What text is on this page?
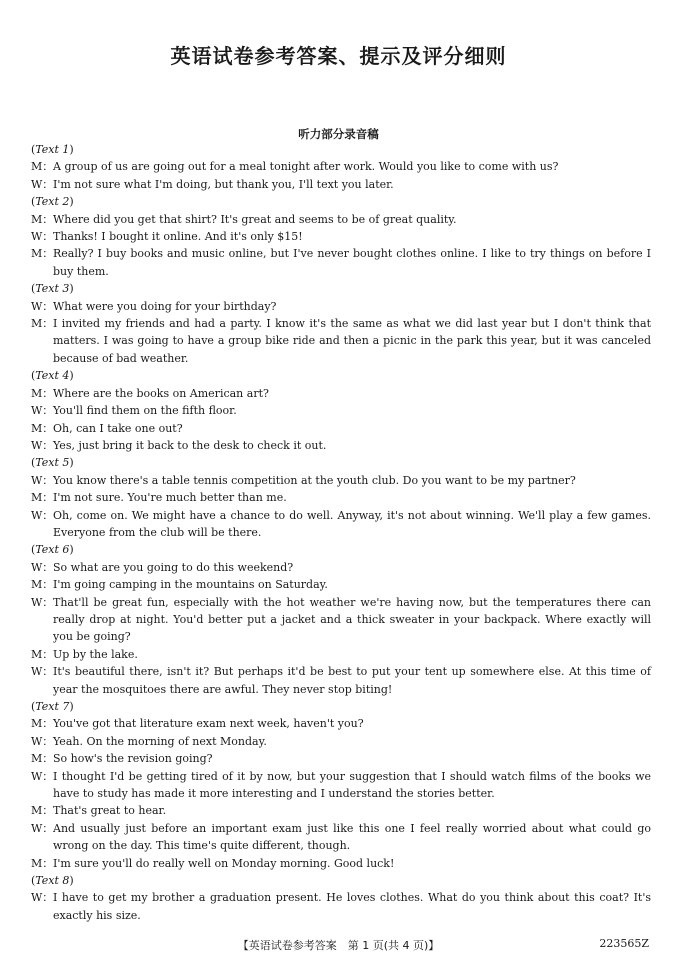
英语试卷参考答案、提示及评分细则
听力部分录音稿
(Text 1)
M： A group of us are going out for a meal tonight after work. Would you like to come with us?
W： I'm not sure what I'm doing, but thank you, I'll text you later.
(Text 2)
M： Where did you get that shirt? It's great and seems to be of great quality.
W： Thanks! I bought it online. And it's only $15!
M： Really? I buy books and music online, but I've never bought clothes online. I like to try things on before I buy them.
(Text 3)
W： What were you doing for your birthday?
M： I invited my friends and had a party. I know it's the same as what we did last year but I don't think that matters. I was going to have a group bike ride and then a picnic in the park this year, but it was canceled because of bad weather.
(Text 4)
M： Where are the books on American art?
W： You'll find them on the fifth floor.
M： Oh, can I take one out?
W： Yes, just bring it back to the desk to check it out.
(Text 5)
W： You know there's a table tennis competition at the youth club. Do you want to be my partner?
M： I'm not sure. You're much better than me.
W： Oh, come on. We might have a chance to do well. Anyway, it's not about winning. We'll play a few games. Everyone from the club will be there.
(Text 6)
W： So what are you going to do this weekend?
M： I'm going camping in the mountains on Saturday.
W： That'll be great fun, especially with the hot weather we're having now, but the temperatures there can really drop at night. You'd better put a jacket and a thick sweater in your backpack. Where exactly will you be going?
M： Up by the lake.
W： It's beautiful there, isn't it? But perhaps it'd be best to put your tent up somewhere else. At this time of year the mosquitoes there are awful. They never stop biting!
(Text 7)
M： You've got that literature exam next week, haven't you?
W： Yeah. On the morning of next Monday.
M： So how's the revision going?
W： I thought I'd be getting tired of it by now, but your suggestion that I should watch films of the books we have to study has made it more interesting and I understand the stories better.
M： That's great to hear.
W： And usually just before an important exam just like this one I feel really worried about what could go wrong on the day. This time's quite different, though.
M： I'm sure you'll do really well on Monday morning. Good luck!
(Text 8)
W： I have to get my brother a graduation present. He loves clothes. What do you think about this coat? It's exactly his size.
【英语试卷参考答案　第 1 页(共 4 页)】	223565Z
